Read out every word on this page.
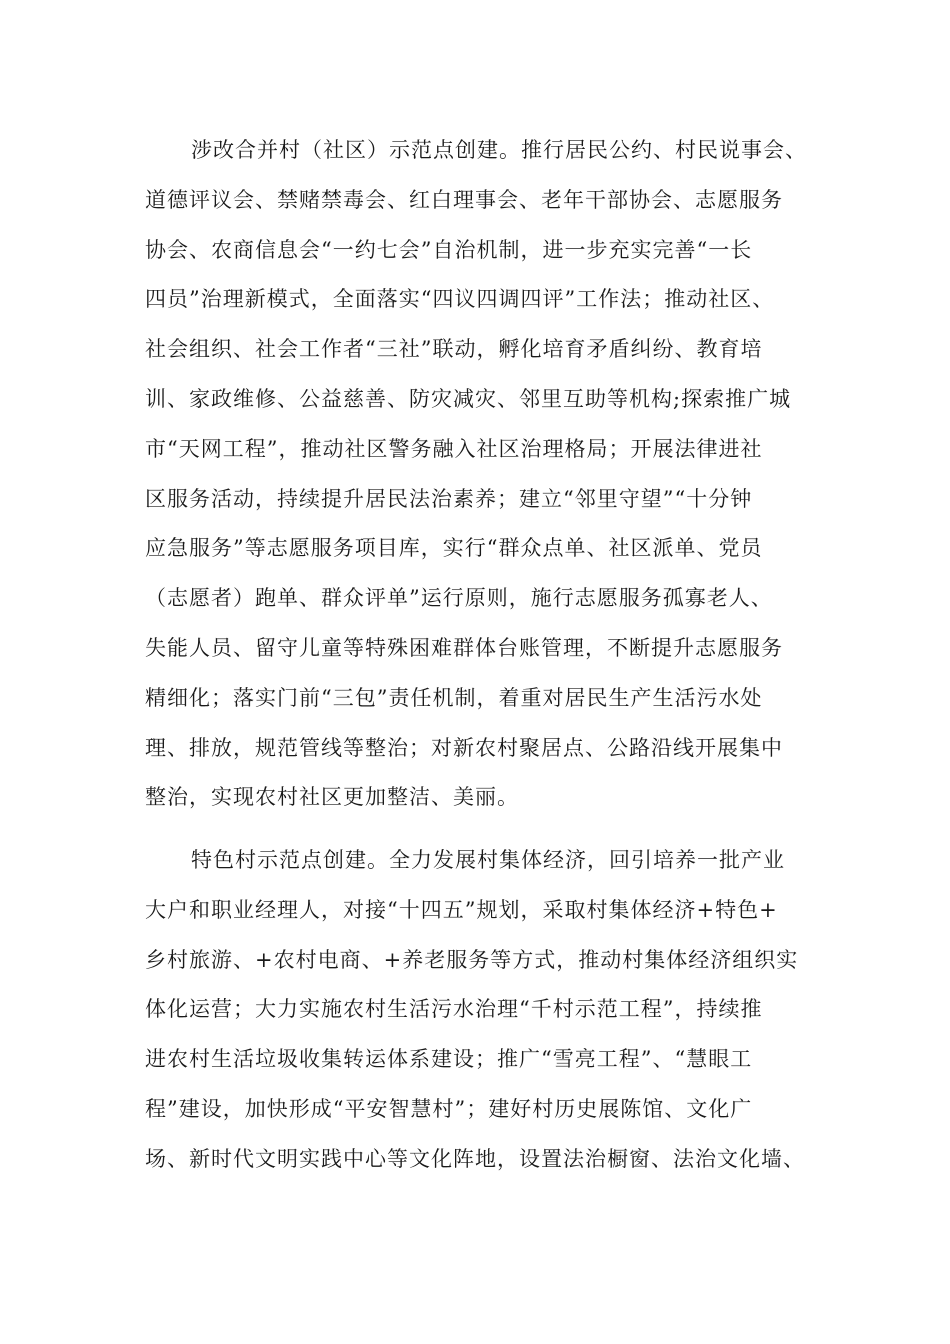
涉改合并村（社区）示范点创建。推行居民公约、村民说事会、
道德评议会、禁赌禁毒会、红白理事会、老年干部协会、志愿服务
协会、农商信息会“一约七会”自治机制，进一步充实完善“一长
四员”治理新模式，全面落实“四议四调四评”工作法；推动社区、
社会组织、社会工作者“三社”联动，孵化培育矛盾纠纷、教育培
训、家政维修、公益慈善、防灾减灾、邻里互助等机构;探索推广城
市“天网工程”，推动社区警务融入社区治理格局；开展法律进社
区服务活动，持续提升居民法治素养；建立“邻里守望”“十分钟
应急服务”等志愿服务项目库，实行“群众点单、社区派单、党员
（志愿者）跑单、群众评单”运行原则，施行志愿服务孤寡老人、
失能人员、留守儿童等特殊困难群体台账管理，不断提升志愿服务
精细化；落实门前“三包”责任机制，着重对居民生产生活污水处
理、排放，规范管线等整治；对新农村聚居点、公路沿线开展集中
整治，实现农村社区更加整洁、美丽。
特色村示范点创建。全力发展村集体经济，回引培养一批产业
大户和职业经理人，对接“十四五”规划，采取村集体经济+特色+
乡村旅游、+农村电商、+养老服务等方式，推动村集体经济组织实
体化运营；大力实施农村生活污水治理“千村示范工程”，持续推
进农村生活垃圾收集转运体系建设；推广“雪亮工程”、“慧眼工
程”建设，加快形成“平安智慧村”；建好村历史展陈馆、文化广
场、新时代文明实践中心等文化阵地，设置法治橱窗、法治文化墙、
